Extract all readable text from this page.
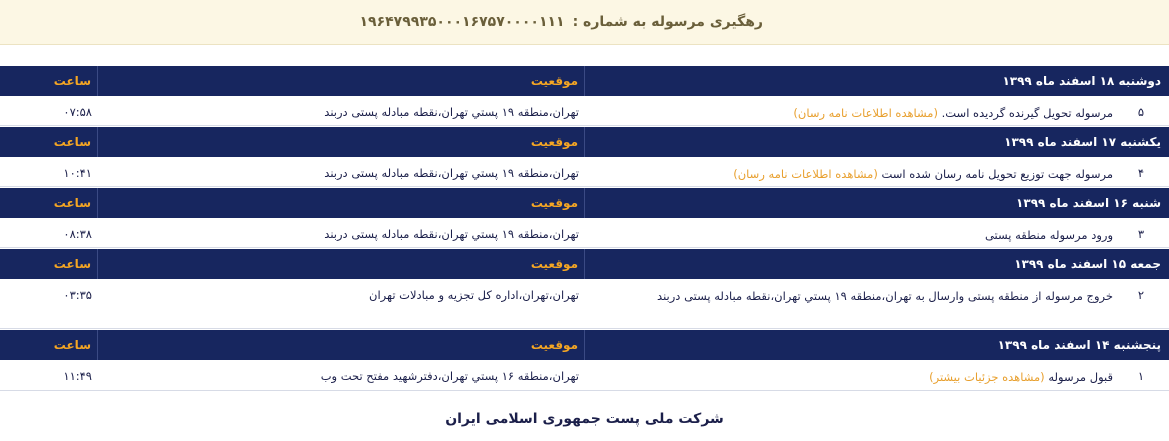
رهگیری مرسوله به شماره :
۱۹۶۴۷۹۹۳۵۰۰۰۱۶۷۵۷۰۰۰۰۱۱۱
دوشنبه ۱۸ اسفند ماه ۱۳۹۹
موقعیت
ساعت
۵
مرسوله تحویل گیرنده گردیده است. (مشاهده اطلاعات نامه رسان)
تهران،منطقه ۱۹ پستي تهران،نقطه مبادله پستی دربند
۰۷:۵۸
یکشنبه ۱۷ اسفند ماه ۱۳۹۹
موقعیت
ساعت
۴
مرسوله جهت توزیع تحویل نامه رسان شده است (مشاهده اطلاعات نامه رسان)
تهران،منطقه ۱۹ پستي تهران،نقطه مبادله پستی دربند
۱۰:۴۱
شنبه ۱۶ اسفند ماه ۱۳۹۹
موقعیت
ساعت
۳
ورود مرسوله منطقه پستی
تهران،منطقه ۱۹ پستي تهران،نقطه مبادله پستی دربند
۰۸:۳۸
جمعه ۱۵ اسفند ماه ۱۳۹۹
موقعیت
ساعت
۲
خروج مرسوله از منطقه پستی وارسال به تهران،منطقه ۱۹ پستي تهران،نقطه مبادله پستی دربند
تهران،تهران،اداره کل تجزیه و مبادلات تهران
۰۳:۳۵
پنجشنبه ۱۴ اسفند ماه ۱۳۹۹
موقعیت
ساعت
۱
قبول مرسوله (مشاهده جزئیات بیشتر)
تهران،منطقه ۱۶ پستي تهران،دفترشهید مفتح تحت وب
۱۱:۴۹
شرکت ملی پست جمهوری اسلامی ایران
